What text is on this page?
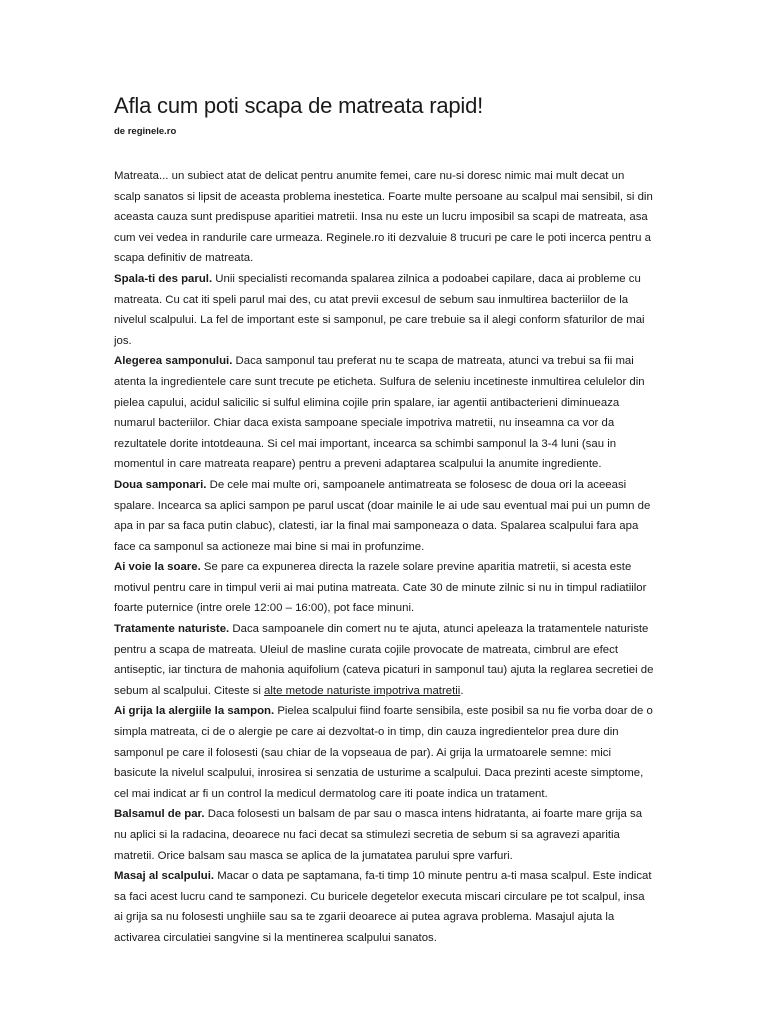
Afla cum poti scapa de matreata rapid!
de reginele.ro

Matreata... un subiect atat de delicat pentru anumite femei, care nu-si doresc nimic mai mult decat un scalp sanatos si lipsit de aceasta problema inestetica. Foarte multe persoane au scalpul mai sensibil, si din aceasta cauza sunt predispuse aparitiei matretii. Insa nu este un lucru imposibil sa scapi de matreata, asa cum vei vedea in randurile care urmeaza. Reginele.ro iti dezvaluie 8 trucuri pe care le poti incerca pentru a scapa definitiv de matreata.

Spala-ti des parul. Unii specialisti recomanda spalarea zilnica a podoabei capilare, daca ai probleme cu matreata. Cu cat iti speli parul mai des, cu atat previi excesul de sebum sau inmultirea bacteriilor de la nivelul scalpului. La fel de important este si samponul, pe care trebuie sa il alegi conform sfaturilor de mai jos.

Alegerea samponului. Daca samponul tau preferat nu te scapa de matreata, atunci va trebui sa fii mai atenta la ingredientele care sunt trecute pe eticheta. Sulfura de seleniu incetineste inmultirea celulelor din pielea capului, acidul salicilic si sulful elimina cojile prin spalare, iar agentii antibacterieni diminueaza numarul bacteriilor. Chiar daca exista sampoane speciale impotriva matretii, nu inseamna ca vor da rezultatele dorite intotdeauna. Si cel mai important, incearca sa schimbi samponul la 3-4 luni (sau in momentul in care matreata reapare) pentru a preveni adaptarea scalpului la anumite ingrediente.

Doua samponari. De cele mai multe ori, sampoanele antimatreata se folosesc de doua ori la aceeasi spalare. Incearca sa aplici sampon pe parul uscat (doar mainile le ai ude sau eventual mai pui un pumn de apa in par sa faca putin clabuc), clatesti, iar la final mai samponeaza o data. Spalarea scalpului fara apa face ca samponul sa actioneze mai bine si mai in profunzime.

Ai voie la soare. Se pare ca expunerea directa la razele solare previne aparitia matretii, si acesta este motivul pentru care in timpul verii ai mai putina matreata. Cate 30 de minute zilnic si nu in timpul radiatiilor foarte puternice (intre orele 12:00 – 16:00), pot face minuni.

Tratamente naturiste. Daca sampoanele din comert nu te ajuta, atunci apeleaza la tratamentele naturiste pentru a scapa de matreata. Uleiul de masline curata cojile provocate de matreata, cimbrul are efect antiseptic, iar tinctura de mahonia aquifolium (cateva picaturi in samponul tau) ajuta la reglarea secretiei de sebum al scalpului. Citeste si alte metode naturiste impotriva matretii.

Ai grija la alergiile la sampon. Pielea scalpului fiind foarte sensibila, este posibil sa nu fie vorba doar de o simpla matreata, ci de o alergie pe care ai dezvoltat-o in timp, din cauza ingredientelor prea dure din samponul pe care il folosesti (sau chiar de la vopseaua de par). Ai grija la urmatoarele semne: mici basicute la nivelul scalpului, inrosirea si senzatia de usturime a scalpului. Daca prezinti aceste simptome, cel mai indicat ar fi un control la medicul dermatolog care iti poate indica un tratament.

Balsamul de par. Daca folosesti un balsam de par sau o masca intens hidratanta, ai foarte mare grija sa nu aplici si la radacina, deoarece nu faci decat sa stimulezi secretia de sebum si sa agravezi aparitia matretii. Orice balsam sau masca se aplica de la jumatatea parului spre varfuri.

Masaj al scalpului. Macar o data pe saptamana, fa-ti timp 10 minute pentru a-ti masa scalpul. Este indicat sa faci acest lucru cand te samponezi. Cu buricele degetelor executa miscari circulare pe tot scalpul, insa ai grija sa nu folosesti unghiile sau sa te zgarii deoarece ai putea agrava problema. Masajul ajuta la activarea circulatiei sangvine si la mentinerea scalpului sanatos.
